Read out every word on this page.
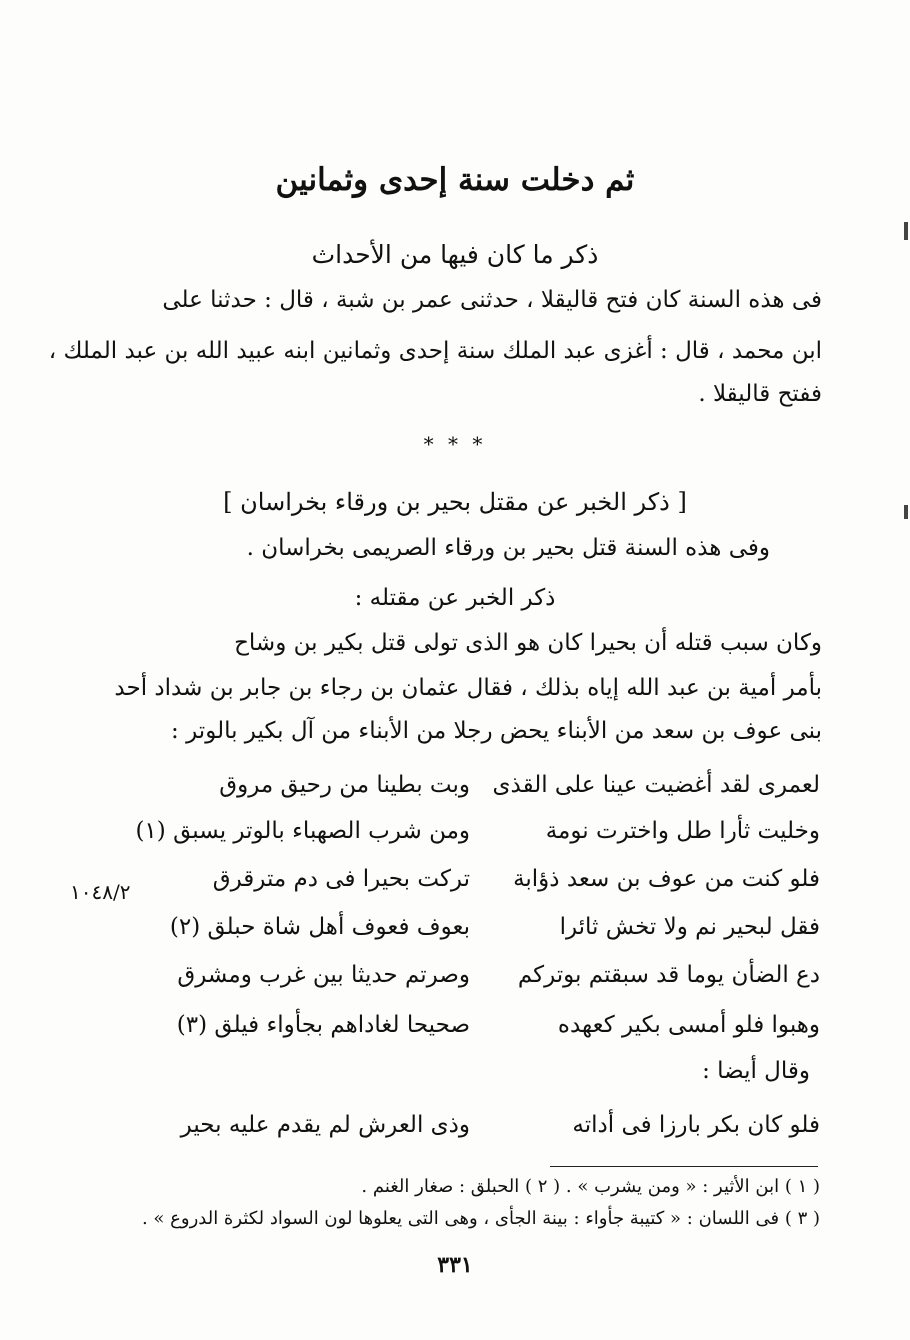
ثم دخلت سنة إحدى وثمانين
ذكر ما كان فيها من الأحداث
فى هذه السنة كان فتح قاليقلا ، حدثنى عمر بن شبة ، قال : حدثنا على
ابن محمد ، قال : أغزى عبد الملك سنة إحدى وثمانين ابنه عبيد الله بن عبد الملك ،
ففتح قاليقلا .
* * *
[ ذكر الخبر عن مقتل بحير بن ورقاء بخراسان ]
وفى هذه السنة قتل بحير بن ورقاء الصريمى بخراسان .
ذكر الخبر عن مقتله :
وكان سبب قتله أن بحيرا كان هو الذى تولى قتل بكير بن وشاح
بأمر أمية بن عبد الله إياه بذلك ، فقال عثمان بن رجاء بن جابر بن شداد أحد
بنى عوف بن سعد من الأبناء يحض رجلا من الأبناء من آل بكير بالوتر :
لعمرى لقد أغضيت عينا على القذى
وبت بطينا من رحيق مروق
وخليت ثأرا طل واخترت نومة
ومن شرب الصهباء بالوتر يسبق (١)
فلو كنت من عوف بن سعد ذؤابة
تركت بحيرا فى دم مترقرق
فقل لبحير نم ولا تخش ثائرا
بعوف فعوف أهل شاة حبلق (٢)
دع الضأن يوما قد سبقتم بوتركم
وصرتم حديثا بين غرب ومشرق
وهبوا فلو أمسى بكير كعهده
صحيحا لغاداهم بجأواء فيلق (٣)
وقال أيضا :
فلو كان بكر بارزا فى أداته
وذى العرش لم يقدم عليه بحير
١٠٤٨/٢
( ١ ) ابن الأثير : « ومن يشرب » . ( ٢ ) الحبلق : صغار الغنم .
( ٣ ) فى اللسان : « كتيبة جأواء : بينة الجأى ، وهى التى يعلوها لون السواد لكثرة الدروع » .
٣٣١
